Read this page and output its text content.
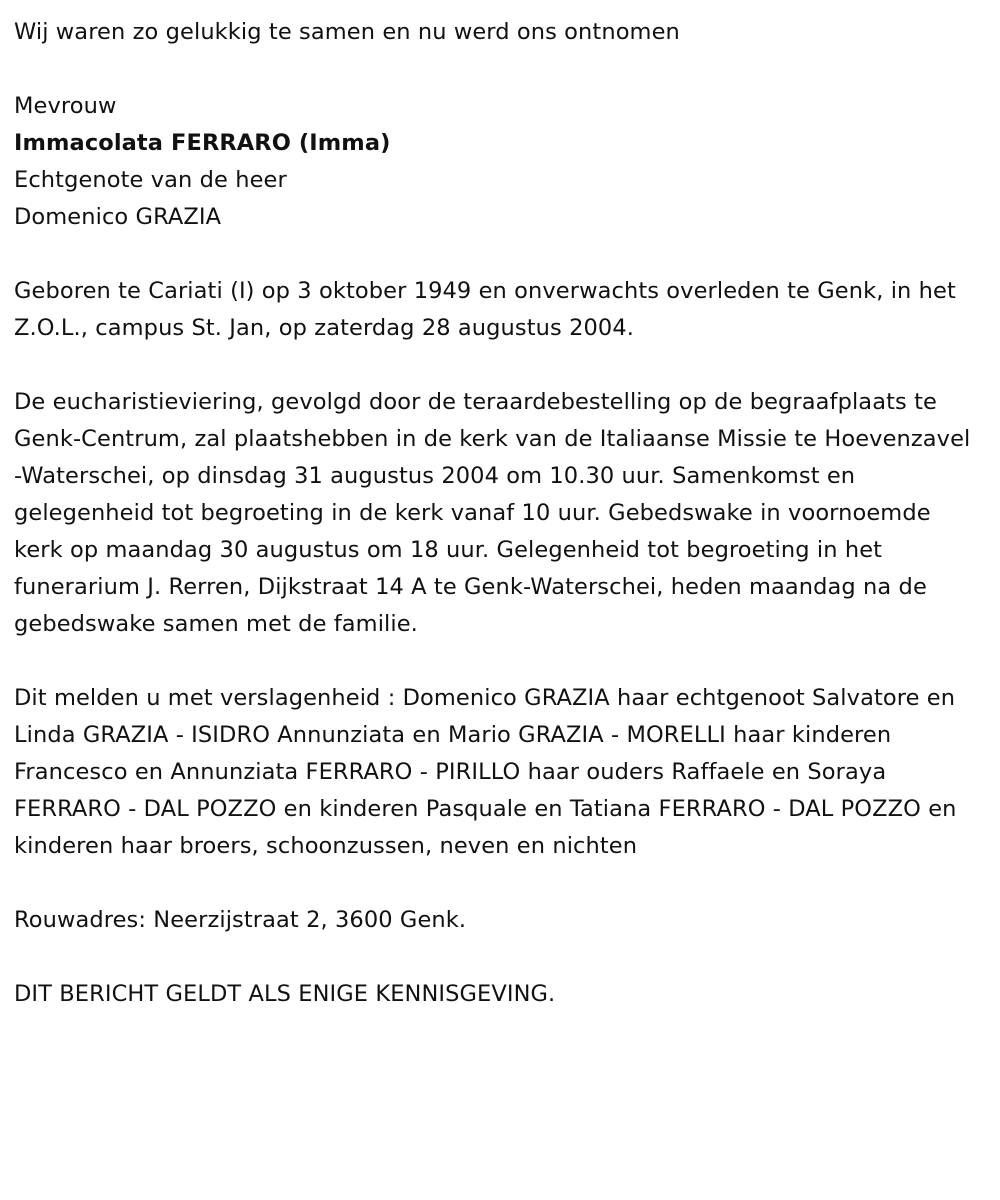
Wij waren zo gelukkig te samen en nu werd ons ontnomen

Mevrouw

Immacolata FERRARO (Imma)

Echtgenote van de heer

Domenico GRAZIA

Geboren te Cariati (I) op 3 oktober 1949 en onverwachts overleden te Genk, in het Z.O.L., campus St. Jan, op zaterdag 28 augustus 2004.

De eucharistieviering, gevolgd door de teraardebestelling op de begraafplaats te Genk-Centrum, zal plaatshebben in de kerk van de Italiaanse Missie te Hoevenzavel -Waterschei, op dinsdag 31 augustus 2004 om 10.30 uur. Samenkomst en gelegenheid tot begroeting in de kerk vanaf 10 uur. Gebedswake in voornoemde kerk op maandag 30 augustus om 18 uur. Gelegenheid tot begroeting in het funerarium J. Rerren, Dijkstraat 14 A te Genk-Waterschei, heden maandag na de gebedswake samen met de familie.

Dit melden u met verslagenheid : Domenico GRAZIA haar echtgenoot Salvatore en Linda GRAZIA - ISIDRO Annunziata en Mario GRAZIA - MORELLI haar kinderen Francesco en Annunziata FERRARO - PIRILLO haar ouders Raffaele en Soraya FERRARO - DAL POZZO en kinderen Pasquale en Tatiana FERRARO - DAL POZZO en kinderen haar broers, schoonzussen, neven en nichten

Rouwadres: Neerzijstraat 2, 3600 Genk.

DIT BERICHT GELDT ALS ENIGE KENNISGEVING.
